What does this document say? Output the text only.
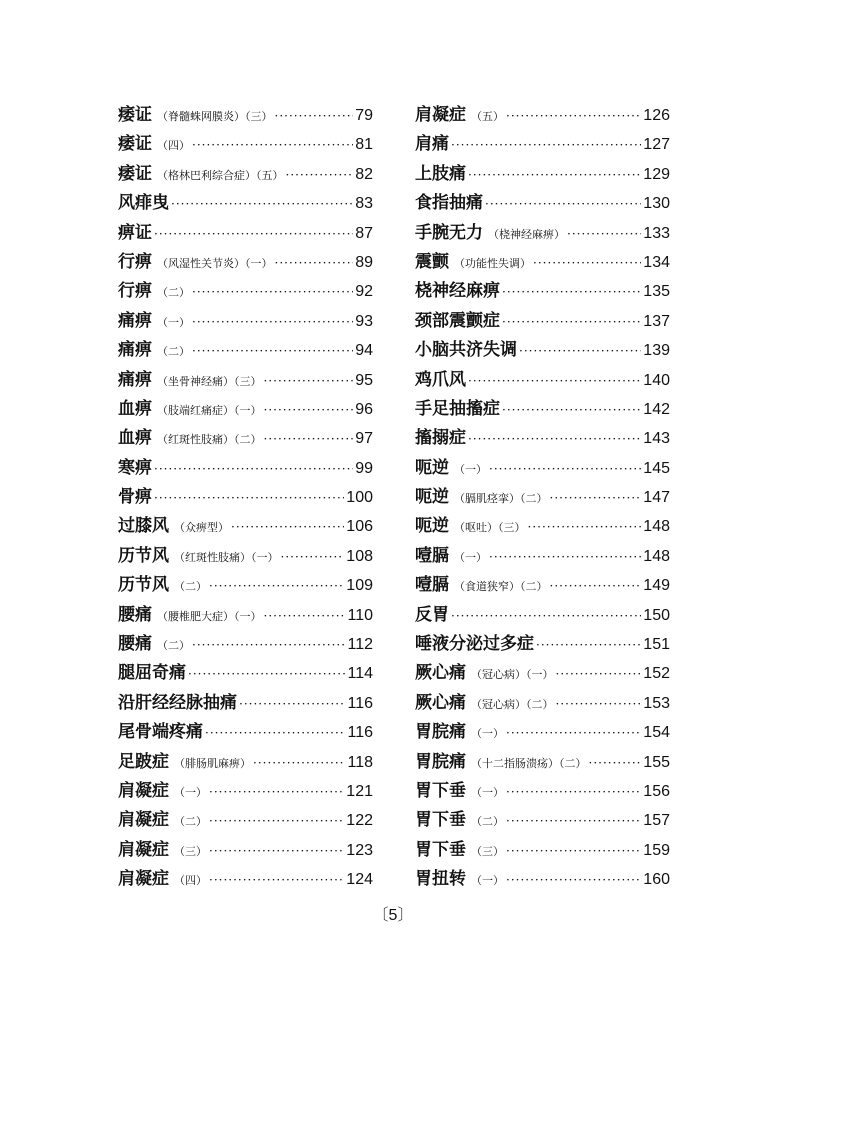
痿证 （脊髓蛛网膜炎）（三） ·····	79
痿证 （四） ·····	81
痿证 （格林巴利综合症）（五） ·····	82
风痱曳 ·····	83
痹证 ·····	87
行痹 （风湿性关节炎）（一） ·····	89
行痹 （二） ·····	92
痛痹 （一） ·····	93
痛痹 （二） ·····	94
痛痹 （坐骨神经痛）（三） ·····	95
血痹 （肢端红痛症）（一） ·····	96
血痹 （红斑性肢痛）（二） ·····	97
寒痹 ·····	99
骨痹 ·····	100
过膝风 （众痹型） ·····	106
历节风 （红斑性肢痛）（一） ·····	108
历节风 （二） ·····	109
腰痛 （腰椎肥大症）（一） ·····	110
腰痛 （二） ·····	112
腿屈奇痛 ·····	114
沿肝经经脉抽痛 ·····	116
尾骨端疼痛 ·····	116
足跛症 （腓肠肌麻痹） ·····	118
肩凝症 （一） ·····	121
肩凝症 （二） ·····	122
肩凝症 （三） ·····	123
肩凝症 （四） ·····	124
肩凝症 （五） ·····	126
肩痛 ·····	127
上肢痛 ·····	129
食指抽痛 ·····	130
手腕无力 （桡神经麻痹） ·····	133
震颤 （功能性失调） ·····	134
桡神经麻痹 ·····	135
颈部震颤症 ·····	137
小脑共济失调 ·····	139
鸡爪风 ·····	140
手足抽搐症 ·····	142
搐搦症 ·····	143
呃逆 （一） ·····	145
呃逆 （膈肌痉挛）（二） ·····	147
呃逆 （呕吐）（三） ·····	148
噎膈 （一） ·····	148
噎膈 （食道狭窄）（二） ·····	149
反胃 ·····	150
唾液分泌过多症 ·····	151
厥心痛 （冠心病）（一） ·····	152
厥心痛 （冠心病）（二） ·····	153
胃脘痛 （一） ·····	154
胃脘痛 （十二指肠溃疡）（二） ·····	155
胃下垂 （一） ·····	156
胃下垂 （二） ·····	157
胃下垂 （三） ·····	159
胃扭转 （一） ·····	160
〔5〕
